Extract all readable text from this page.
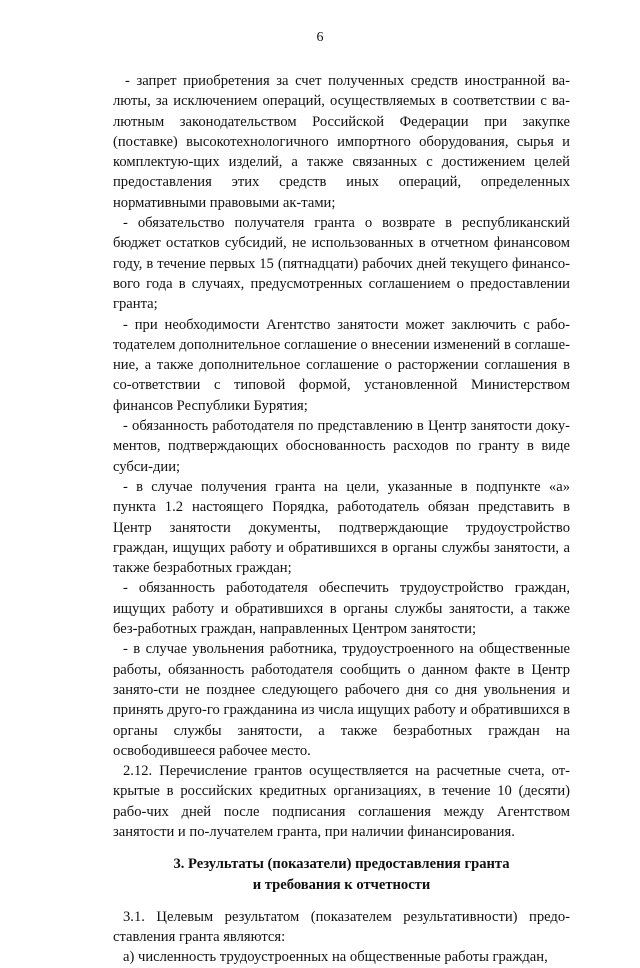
6

- запрет приобретения за счет полученных средств иностранной ва-люты, за исключением операций, осуществляемых в соответствии с ва-лютным законодательством Российской Федерации при закупке (поставке) высокотехнологичного импортного оборудования, сырья и комплектую-щих изделий, а также связанных с достижением целей предоставления этих средств иных операций, определенных нормативными правовыми ак-тами;

- обязательство получателя гранта о возврате в республиканский бюджет остатков субсидий, не использованных в отчетном финансовом году, в течение первых 15 (пятнадцати) рабочих дней текущего финансо-вого года в случаях, предусмотренных соглашением о предоставлении гранта;

- при необходимости Агентство занятости может заключить с рабо-тодателем дополнительное соглашение о внесении изменений в соглаше-ние, а также дополнительное соглашение о расторжении соглашения в со-ответствии с типовой формой, установленной Министерством финансов Республики Бурятия;

- обязанность работодателя по представлению в Центр занятости доку-ментов, подтверждающих обоснованность расходов по гранту в виде субси-дии;

- в случае получения гранта на цели, указанные в подпункте «а» пункта 1.2 настоящего Порядка, работодатель обязан представить в Центр занятости документы, подтверждающие трудоустройство граждан, ищущих работу и обратившихся в органы службы занятости, а также безработных граждан;

- обязанность работодателя обеспечить трудоустройство граждан, ищущих работу и обратившихся в органы службы занятости, а также без-работных граждан, направленных Центром занятости;

- в случае увольнения работника, трудоустроенного на общественные работы, обязанность работодателя сообщить о данном факте в Центр занято-сти не позднее следующего рабочего дня со дня увольнения и принять друго-го гражданина из числа ищущих работу и обратившихся в органы службы занятости, а также безработных граждан на освободившееся рабочее место.

2.12. Перечисление грантов осуществляется на расчетные счета, от-крытые в российских кредитных организациях, в течение 10 (десяти) рабо-чих дней после подписания соглашения между Агентством занятости и по-лучателем гранта, при наличии финансирования.

3. Результаты (показатели) предоставления гранта
и требования к отчетности

3.1. Целевым результатом (показателем результативности) предо-ставления гранта являются:

а) численность трудоустроенных на общественные работы граждан,
